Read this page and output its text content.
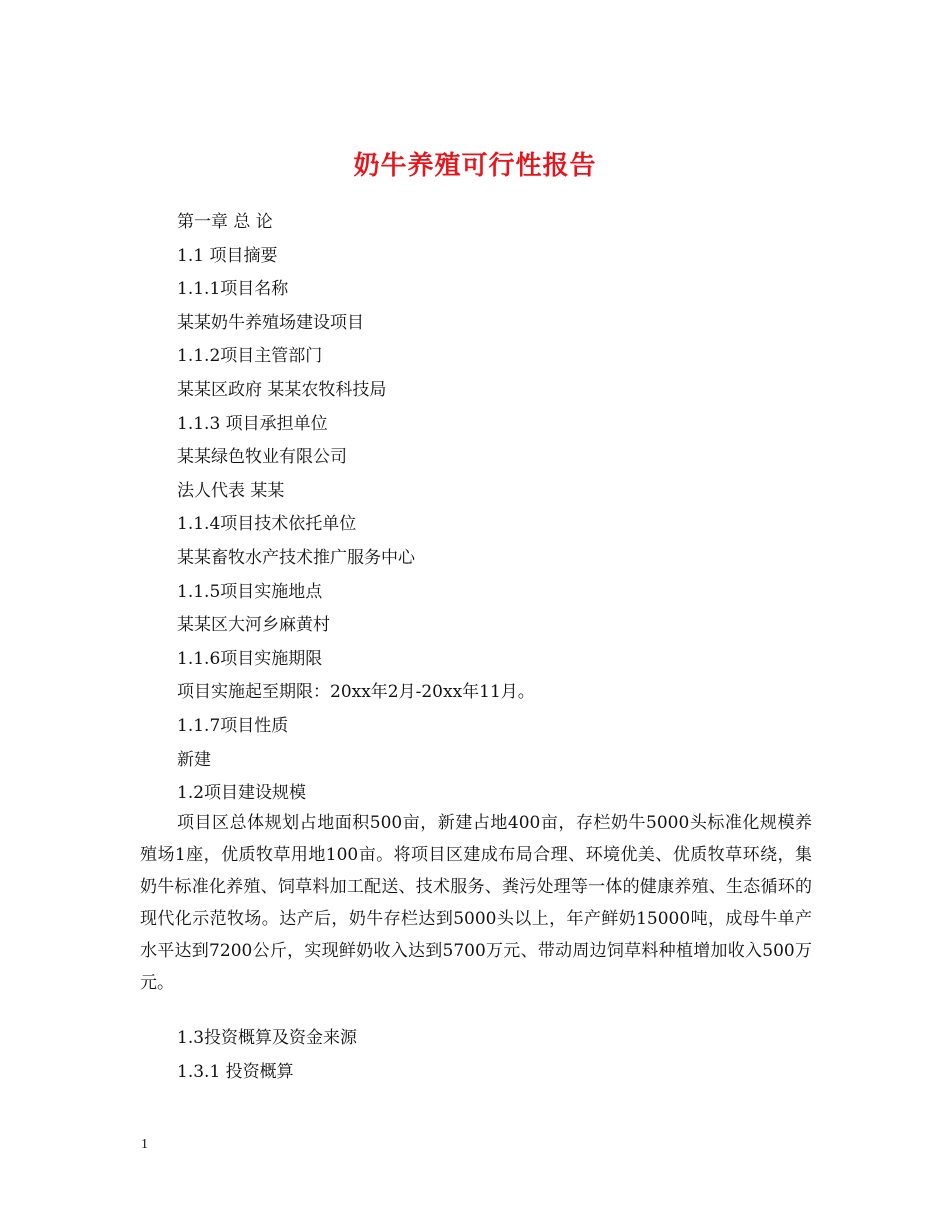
奶牛养殖可行性报告
第一章 总 论
1.1 项目摘要
1.1.1项目名称
某某奶牛养殖场建设项目
1.1.2项目主管部门
某某区政府 某某农牧科技局
1.1.3 项目承担单位
某某绿色牧业有限公司
法人代表 某某
1.1.4项目技术依托单位
某某畜牧水产技术推广服务中心
1.1.5项目实施地点
某某区大河乡麻黄村
1.1.6项目实施期限
项目实施起至期限：20xx年2月-20xx年11月。
1.1.7项目性质
新建
1.2项目建设规模

项目区总体规划占地面积500亩，新建占地400亩，存栏奶牛5000头标准化规模养殖场1座，优质牧草用地100亩。将项目区建成布局合理、环境优美、优质牧草环绕，集奶牛标准化养殖、饲草料加工配送、技术服务、粪污处理等一体的健康养殖、生态循环的现代化示范牧场。达产后，奶牛存栏达到5000头以上，年产鲜奶15000吨，成母牛单产水平达到7200公斤，实现鲜奶收入达到5700万元、带动周边饲草料种植增加收入500万元。

1.3投资概算及资金来源
1.3.1 投资概算
1
